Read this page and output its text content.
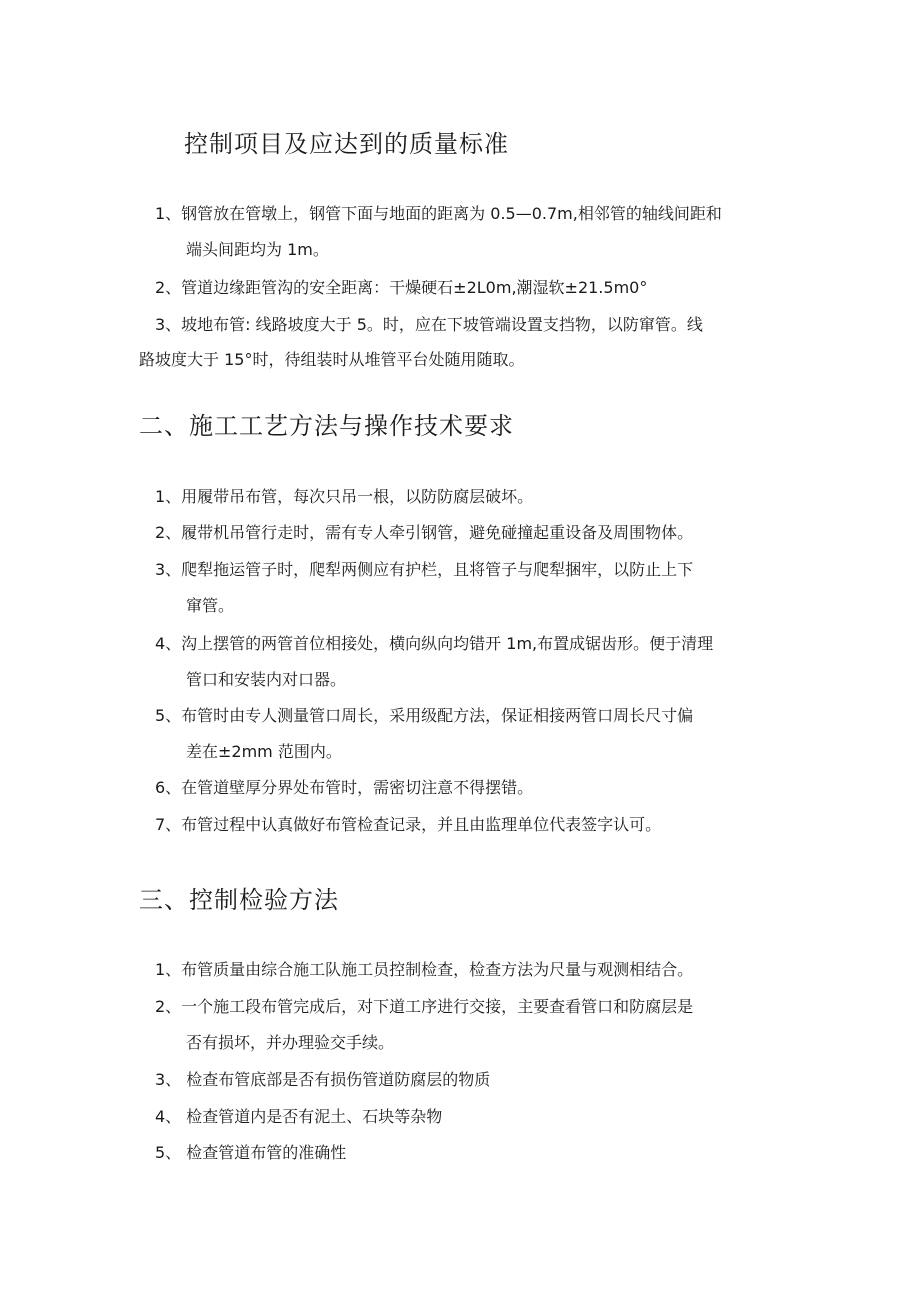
控制项目及应达到的质量标准

1、钢管放在管墩上，钢管下面与地面的距离为 0.5—0.7m,相邻管的轴线间距和

端头间距均为 1m。

2、管道边缘距管沟的安全距离：干燥硬石±2L0m,潮湿软±21.5m0°

3、坡地布管: 线路坡度大于 5。时，应在下坡管端设置支挡物，以防窜管。线

路坡度大于 15°时，待组装时从堆管平台处随用随取。

二、施工工艺方法与操作技术要求

1、用履带吊布管，每次只吊一根，以防防腐层破坏。

2、履带机吊管行走时，需有专人牵引钢管，避免碰撞起重设备及周围物体。

3、爬犁拖运管子时，爬犁两侧应有护栏，且将管子与爬犁捆牢，以防止上下

窜管。

4、沟上摆管的两管首位相接处，横向纵向均错开 1m,布置成锯齿形。便于清理

管口和安装内对口器。

5、布管时由专人测量管口周长，采用级配方法，保证相接两管口周长尺寸偏

差在±2mm 范围内。

6、在管道壁厚分界处布管时，需密切注意不得摆错。

7、布管过程中认真做好布管检查记录，并且由监理单位代表签字认可。

三、控制检验方法

1、布管质量由综合施工队施工员控制检查，检查方法为尺量与观测相结合。

2、一个施工段布管完成后，对下道工序进行交接，主要查看管口和防腐层是

否有损坏，并办理验交手续。

3、 检查布管底部是否有损伤管道防腐层的物质

4、 检查管道内是否有泥土、石块等杂物

5、 检查管道布管的准确性
